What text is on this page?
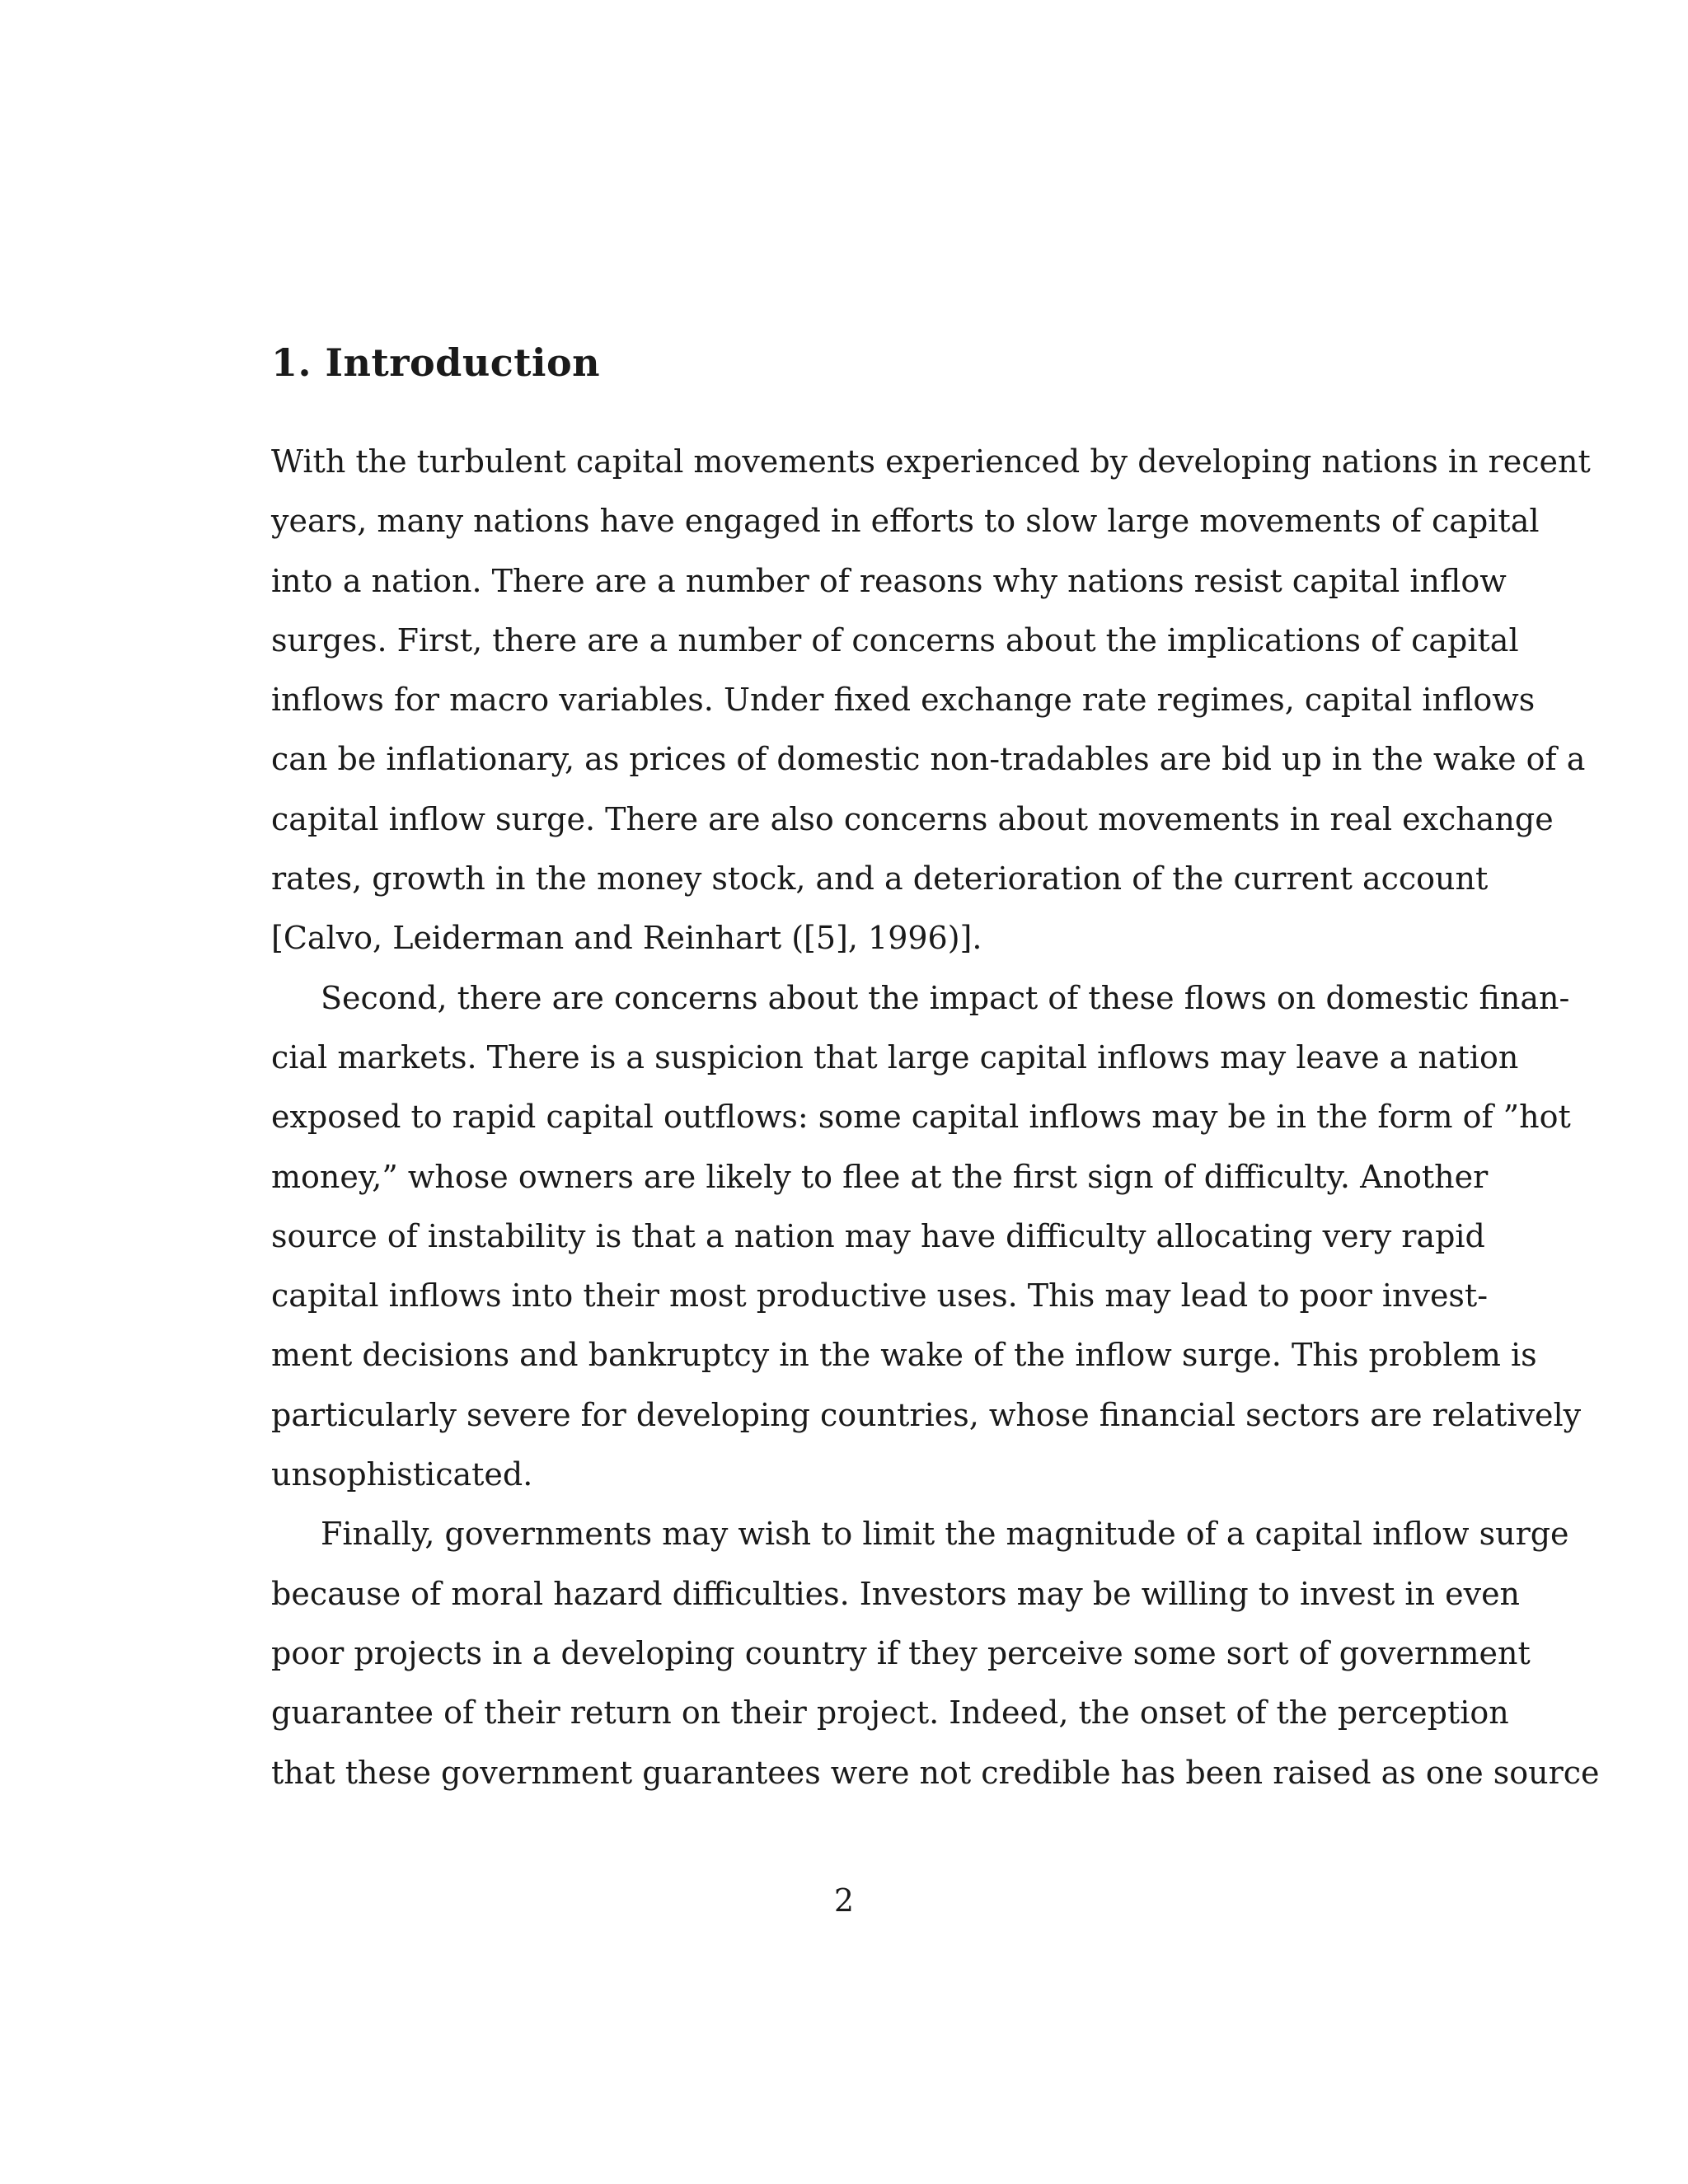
1. Introduction
With the turbulent capital movements experienced by developing nations in recent
years, many nations have engaged in efforts to slow large movements of capital
into a nation. There are a number of reasons why nations resist capital inflow
surges. First, there are a number of concerns about the implications of capital
inflows for macro variables. Under fixed exchange rate regimes, capital inflows
can be inflationary, as prices of domestic non-tradables are bid up in the wake of a
capital inflow surge. There are also concerns about movements in real exchange
rates, growth in the money stock, and a deterioration of the current account
[Calvo, Leiderman and Reinhart ([5], 1996)].
Second, there are concerns about the impact of these flows on domestic finan-
cial markets. There is a suspicion that large capital inflows may leave a nation
exposed to rapid capital outflows: some capital inflows may be in the form of ”hot
money,” whose owners are likely to flee at the first sign of difficulty. Another
source of instability is that a nation may have difficulty allocating very rapid
capital inflows into their most productive uses. This may lead to poor invest-
ment decisions and bankruptcy in the wake of the inflow surge. This problem is
particularly severe for developing countries, whose financial sectors are relatively
unsophisticated.
Finally, governments may wish to limit the magnitude of a capital inflow surge
because of moral hazard difficulties. Investors may be willing to invest in even
poor projects in a developing country if they perceive some sort of government
guarantee of their return on their project. Indeed, the onset of the perception
that these government guarantees were not credible has been raised as one source
2
